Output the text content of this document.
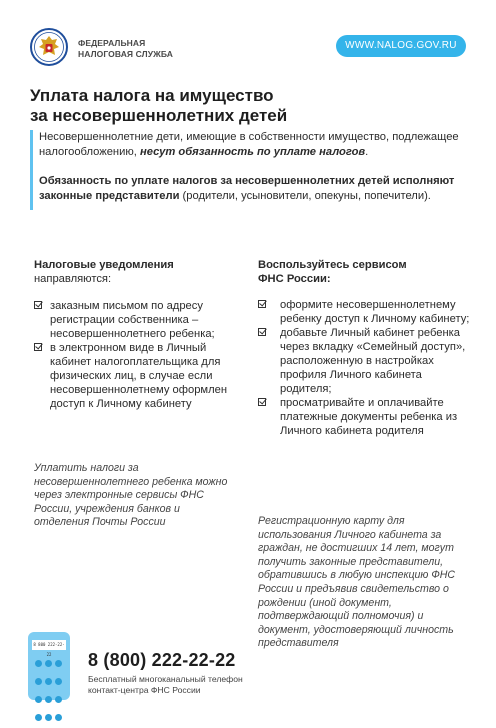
ФЕДЕРАЛЬНАЯ
НАЛОГОВАЯ СЛУЖБА
WWW.NALOG.GOV.RU
Уплата налога на имущество
за несовершеннолетних детей

Несовершеннолетние дети, имеющие в собственности имущество, подлежащее налогообложению, несут обязанность по уплате налогов.

Обязанность по уплате налогов за несовершеннолетних детей исполняют законные представители (родители, усыновители, опекуны, попечители).

Налоговые уведомления
направляются:
заказным письмом по адресу регистрации собственника – несовершеннолетнего ребенка;
в электронном виде в Личный кабинет налогоплательщика для физических лиц, в случае если несовершеннолетнему оформлен доступ к Личному кабинету
Уплатить налоги за несовершеннолетнего ребенка можно через электронные сервисы ФНС России, учреждения банков и отделения Почты России
Воспользуйтесь сервисом
ФНС России:
оформите несовершеннолетнему ребенку доступ к Личному кабинету;
добавьте Личный кабинет ребенка через вкладку «Семейный доступ», расположенную в настройках профиля Личного кабинета родителя;
просматривайте и оплачивайте платежные документы ребенка из Личного кабинета родителя
Регистрационную карту для использования Личного кабинета за граждан, не достигших 14 лет, могут получить законные представители, обратившись в любую инспекцию ФНС России и предъявив свидетельство о рождении (иной документ, подтверждающий полномочия) и документ, удостоверяющий личность представителя
8 800 222-22-22
	8 (800) 222-22-22
Бесплатный многоканальный телефон
контакт-центра ФНС России
